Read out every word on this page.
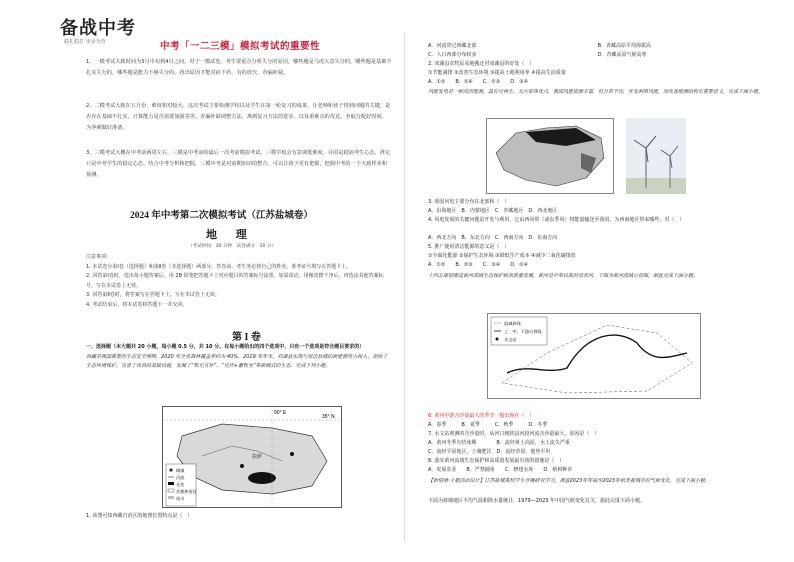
备战中考
稳扎稳打 步步为营	中考「一二三模」模拟考试的重要性
1、一模考试大致时间为3月中旬到4月之间。对于一模试卷，考生要重点分析失分的原因，哪些题是马虎大意失分的，哪些题是基础不扎实失分的，哪些题是能力不够失分的。找出原因才能对症下药，有的放矢，查漏补缺。
2、二模考试大致在五月份，难度相对较大。这次考试主要检测学校以及学生在第一轮复习的成果，让老师和孩子找到问题的关键，是否存在基础不扎实，计算能力是否需要加强等等。查漏补缺调整方法，离到复习方法的进步，以及重难点的攻克，争取分配好时间，为冲刺做好准备。
3、三模考试大概在中考前两周左右，三模是中考前的最后一次考前模拟考试，三模学校会有意调低难度，目的是稳固考生心态，准定只是中考学生的稳定心态，结合中考分析和把握，三模中考是对前期知识的整合。可以让孩子更有把握，把握中考的一个大致样本和预测。
2024 年中考第二次模拟考试（江苏盐城卷）
地 理
（考试时间：30 分钟　试卷满分：20 分）
注意事项：
1. 本试卷分第Ⅰ卷（选择题）和第Ⅱ卷（非选择题）两部分。答卷前，考生务必将自己的姓名、准考证号填写在答题卡上。
2. 回答第Ⅰ卷时，选出每小题答案后，用 2B 铅笔把答题卡上对应题目的答案标号涂黑。如需改动，用橡皮擦干净后，再选涂其他答案标号。写在本试卷上无效。
3. 回答第Ⅱ卷时，将答案写在答题卡上。写在本试卷上无效。
4. 考试结束后，将本试卷和答题卡一并交回。
第 I 卷
一、选择题（本大题共 20 小题，每小题 0.5 分，共 10 分。在每小题给出的四个选项中，只有一个选项是符合题目要求的）
西藏是我国重要的生态安全屏障，2020 年全省森林覆盖率约为 40%，2019 年年末，双湖县实现与周边县城的新能源电力接入，加快了生态环境保护，完善了该县的基础设施，发展了“牧光互补”、“光伏+畜牧业”等新模式的生态，完成下列小题。
35° N
90° E
拉萨
城镇
河流
光伏
首都和省区
冰川
1. 该图可知西藏自治区的地理位置特点是（　）
A．河流穿过西藏北部	B．青藏高原平均海拔高
C．人口西部分布较多	D．青藏高原气候高寒
2. 双湖县农牧民易地搬迁对双湖县的好处（　）
①节能减排 ②改善生态环境 ③提高土地利用率 ④提高生活质量
A．①②　　B．①④　　C．②③　　D．③④
风能发电是一种清洁能源，具有可再生、无污染等优点，我国风能资源丰富，但分布不均，开发利用风能，对改善能源结构有重要意义，完成下面小题。
3. 我国风电主要分布在北部和（　）
A．沿海地区　B．内蒙地区　C．青藏地区　D．西北地区
4. 风电发展的关键问题是开发与利用，它由西风带（或东季风）将能量输送至我国，为西南地区带来哪些，对（　）
A．西北方向　B．东北方向　C．西南方向　D．东南方向
5. 推广使用清洁能源的意义是（　）
①全面化能源 ②保护生态环境 ③降低生产成本 ④减少二氧化碳排放
A．①②　　B．②③　　C．③④　　D．②④
十四五规划推进黄河流域生态保护和高质量发展，黄河是中华民族的母亲河，下图为黄河流域示意图，据此完成下面小题。
流域界线
上、中、下游分界线
水文站
6. 黄河中游含沙量最大的季节一般出现在（　）
A．春季　　　B．夏季　　　C．秋季　　　D．冬季
7. 水文站观测的含沙量时，从河口到陕县河段河流含沙量最大，原因是（　）
A．黄河冬季有结冰期　　　　B．流经黄土高原，水土流失严重
C．流经平原地区，土壤肥沃　D．流经草原，地势平坦
8. 落实黄河流域生态保护和高质量发展最有效的措施是（　）
A．发展农业　　B．严禁捕鱼　　C．修建水库　　D．植树种草
【新情境·主题活动设计】江苏盐城某校学生开展研究学习，调查2023年年底至2023年秋季盐城市的气候变化，完成下面小题。
下面为盐城地区平均气温和降水量统计，1979—2023 年中国气候变化有关，据此完成下面小题。
